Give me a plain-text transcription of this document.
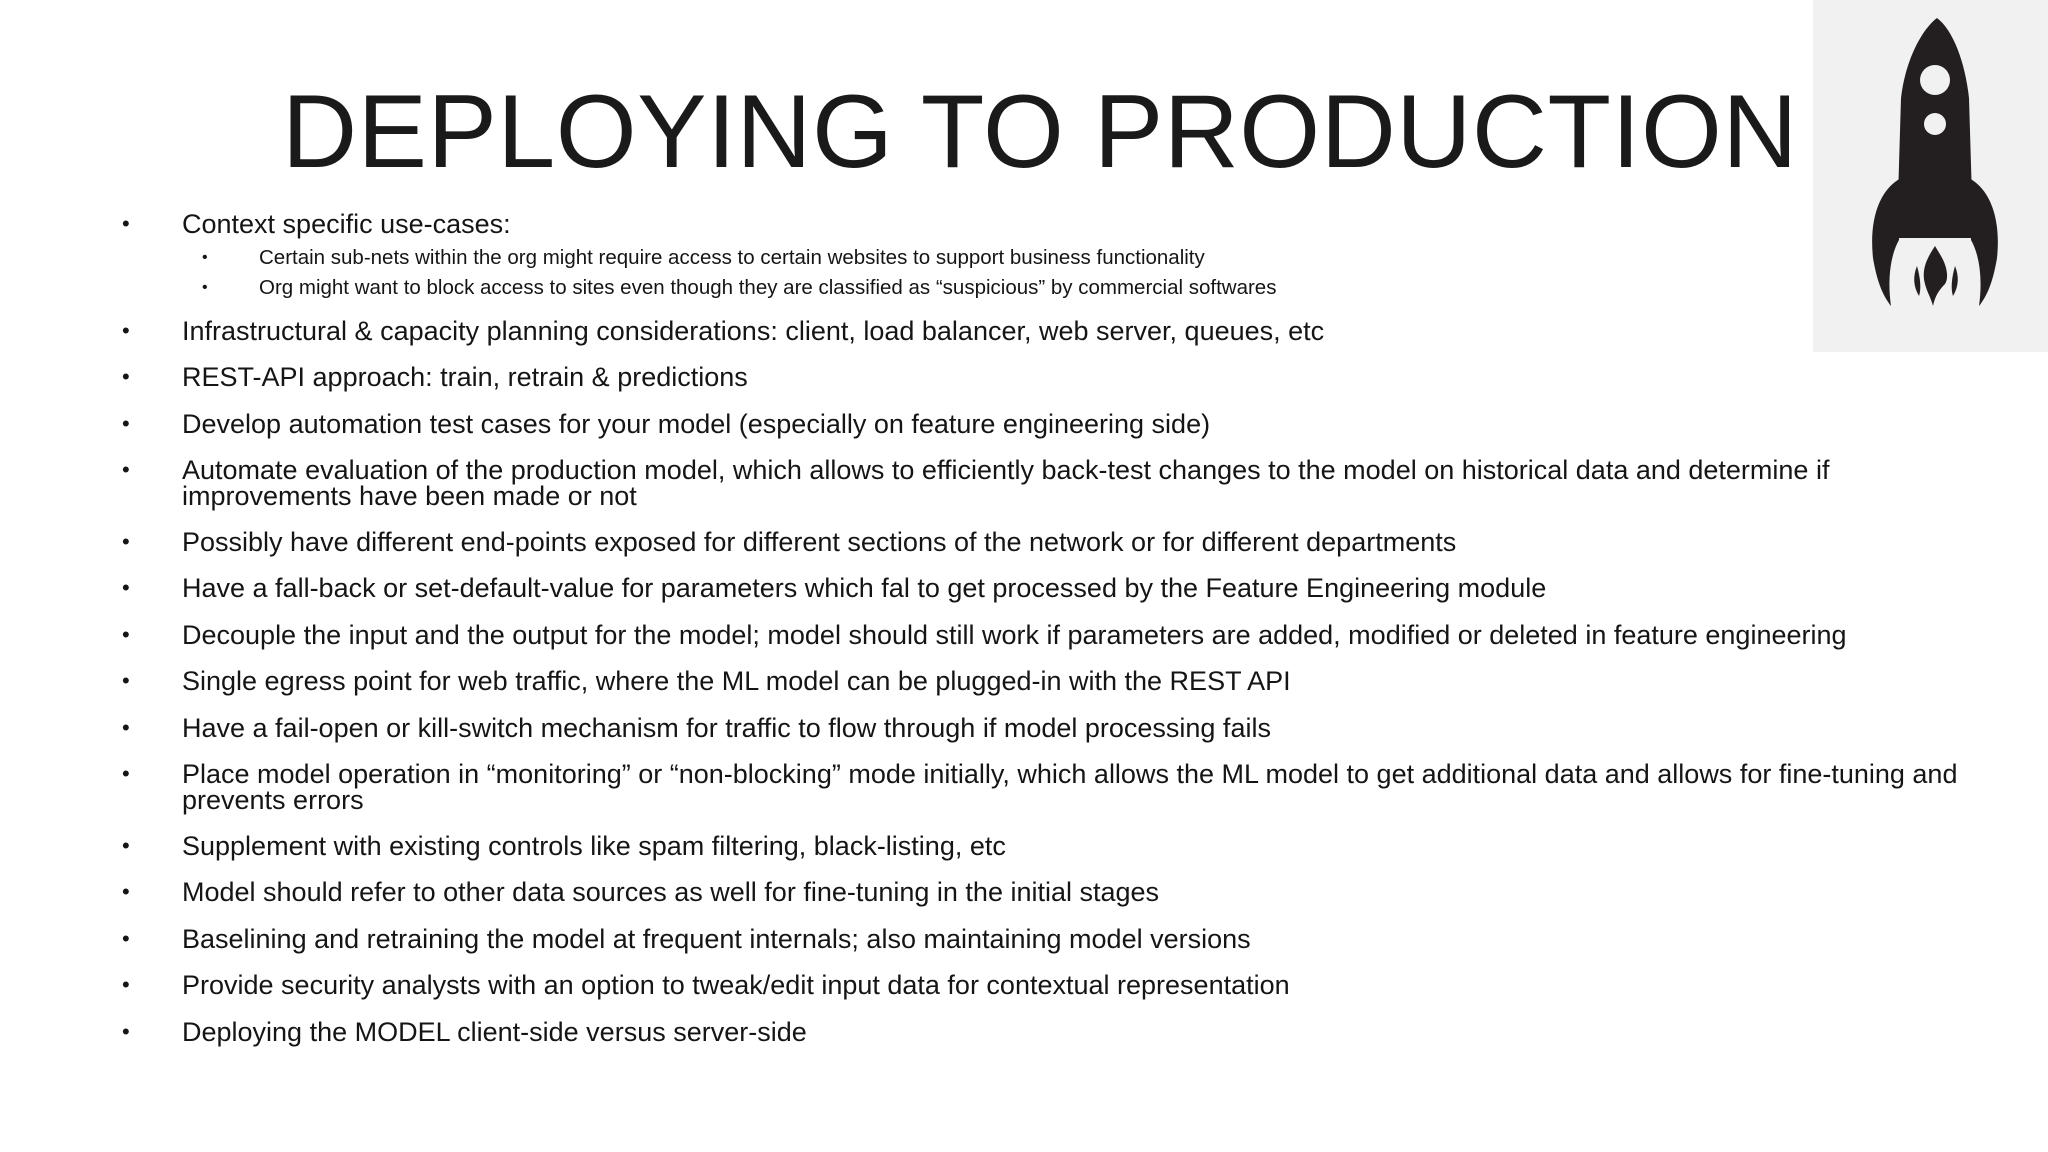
DEPLOYING TO PRODUCTION
•	Context specific use-cases:
•	Certain sub-nets within the org might require access to certain websites to support business functionality
•	Org might want to block access to sites even though they are classified as “suspicious” by commercial softwares
•	Infrastructural & capacity planning considerations: client, load balancer, web server, queues, etc
•	REST-API approach: train, retrain & predictions
•	Develop automation test cases for your model (especially on feature engineering side)
•	Automate evaluation of the production model, which allows to efficiently back-test changes to the model on historical data and determine if improvements have been made or not
•	Possibly have different end-points exposed for different sections of the network or for different departments
•	Have a fall-back or set-default-value for parameters which fal to get processed by the Feature Engineering module
•	Decouple the input and the output for the model; model should still work if parameters are added, modified or deleted in feature engineering
•	Single egress point for web traffic, where the ML model can be plugged-in with the REST API
•	Have a fail-open or kill-switch mechanism for traffic to flow through if model processing fails
•	Place model operation in “monitoring” or “non-blocking” mode initially, which allows the ML model to get additional data and allows for fine-tuning and prevents errors
•	Supplement with existing controls like spam filtering, black-listing, etc
•	Model should refer to other data sources as well for fine-tuning in the initial stages
•	Baselining and retraining the model at frequent internals; also maintaining model versions
•	Provide security analysts with an option to tweak/edit input data for contextual representation
•	Deploying the MODEL client-side versus server-side
